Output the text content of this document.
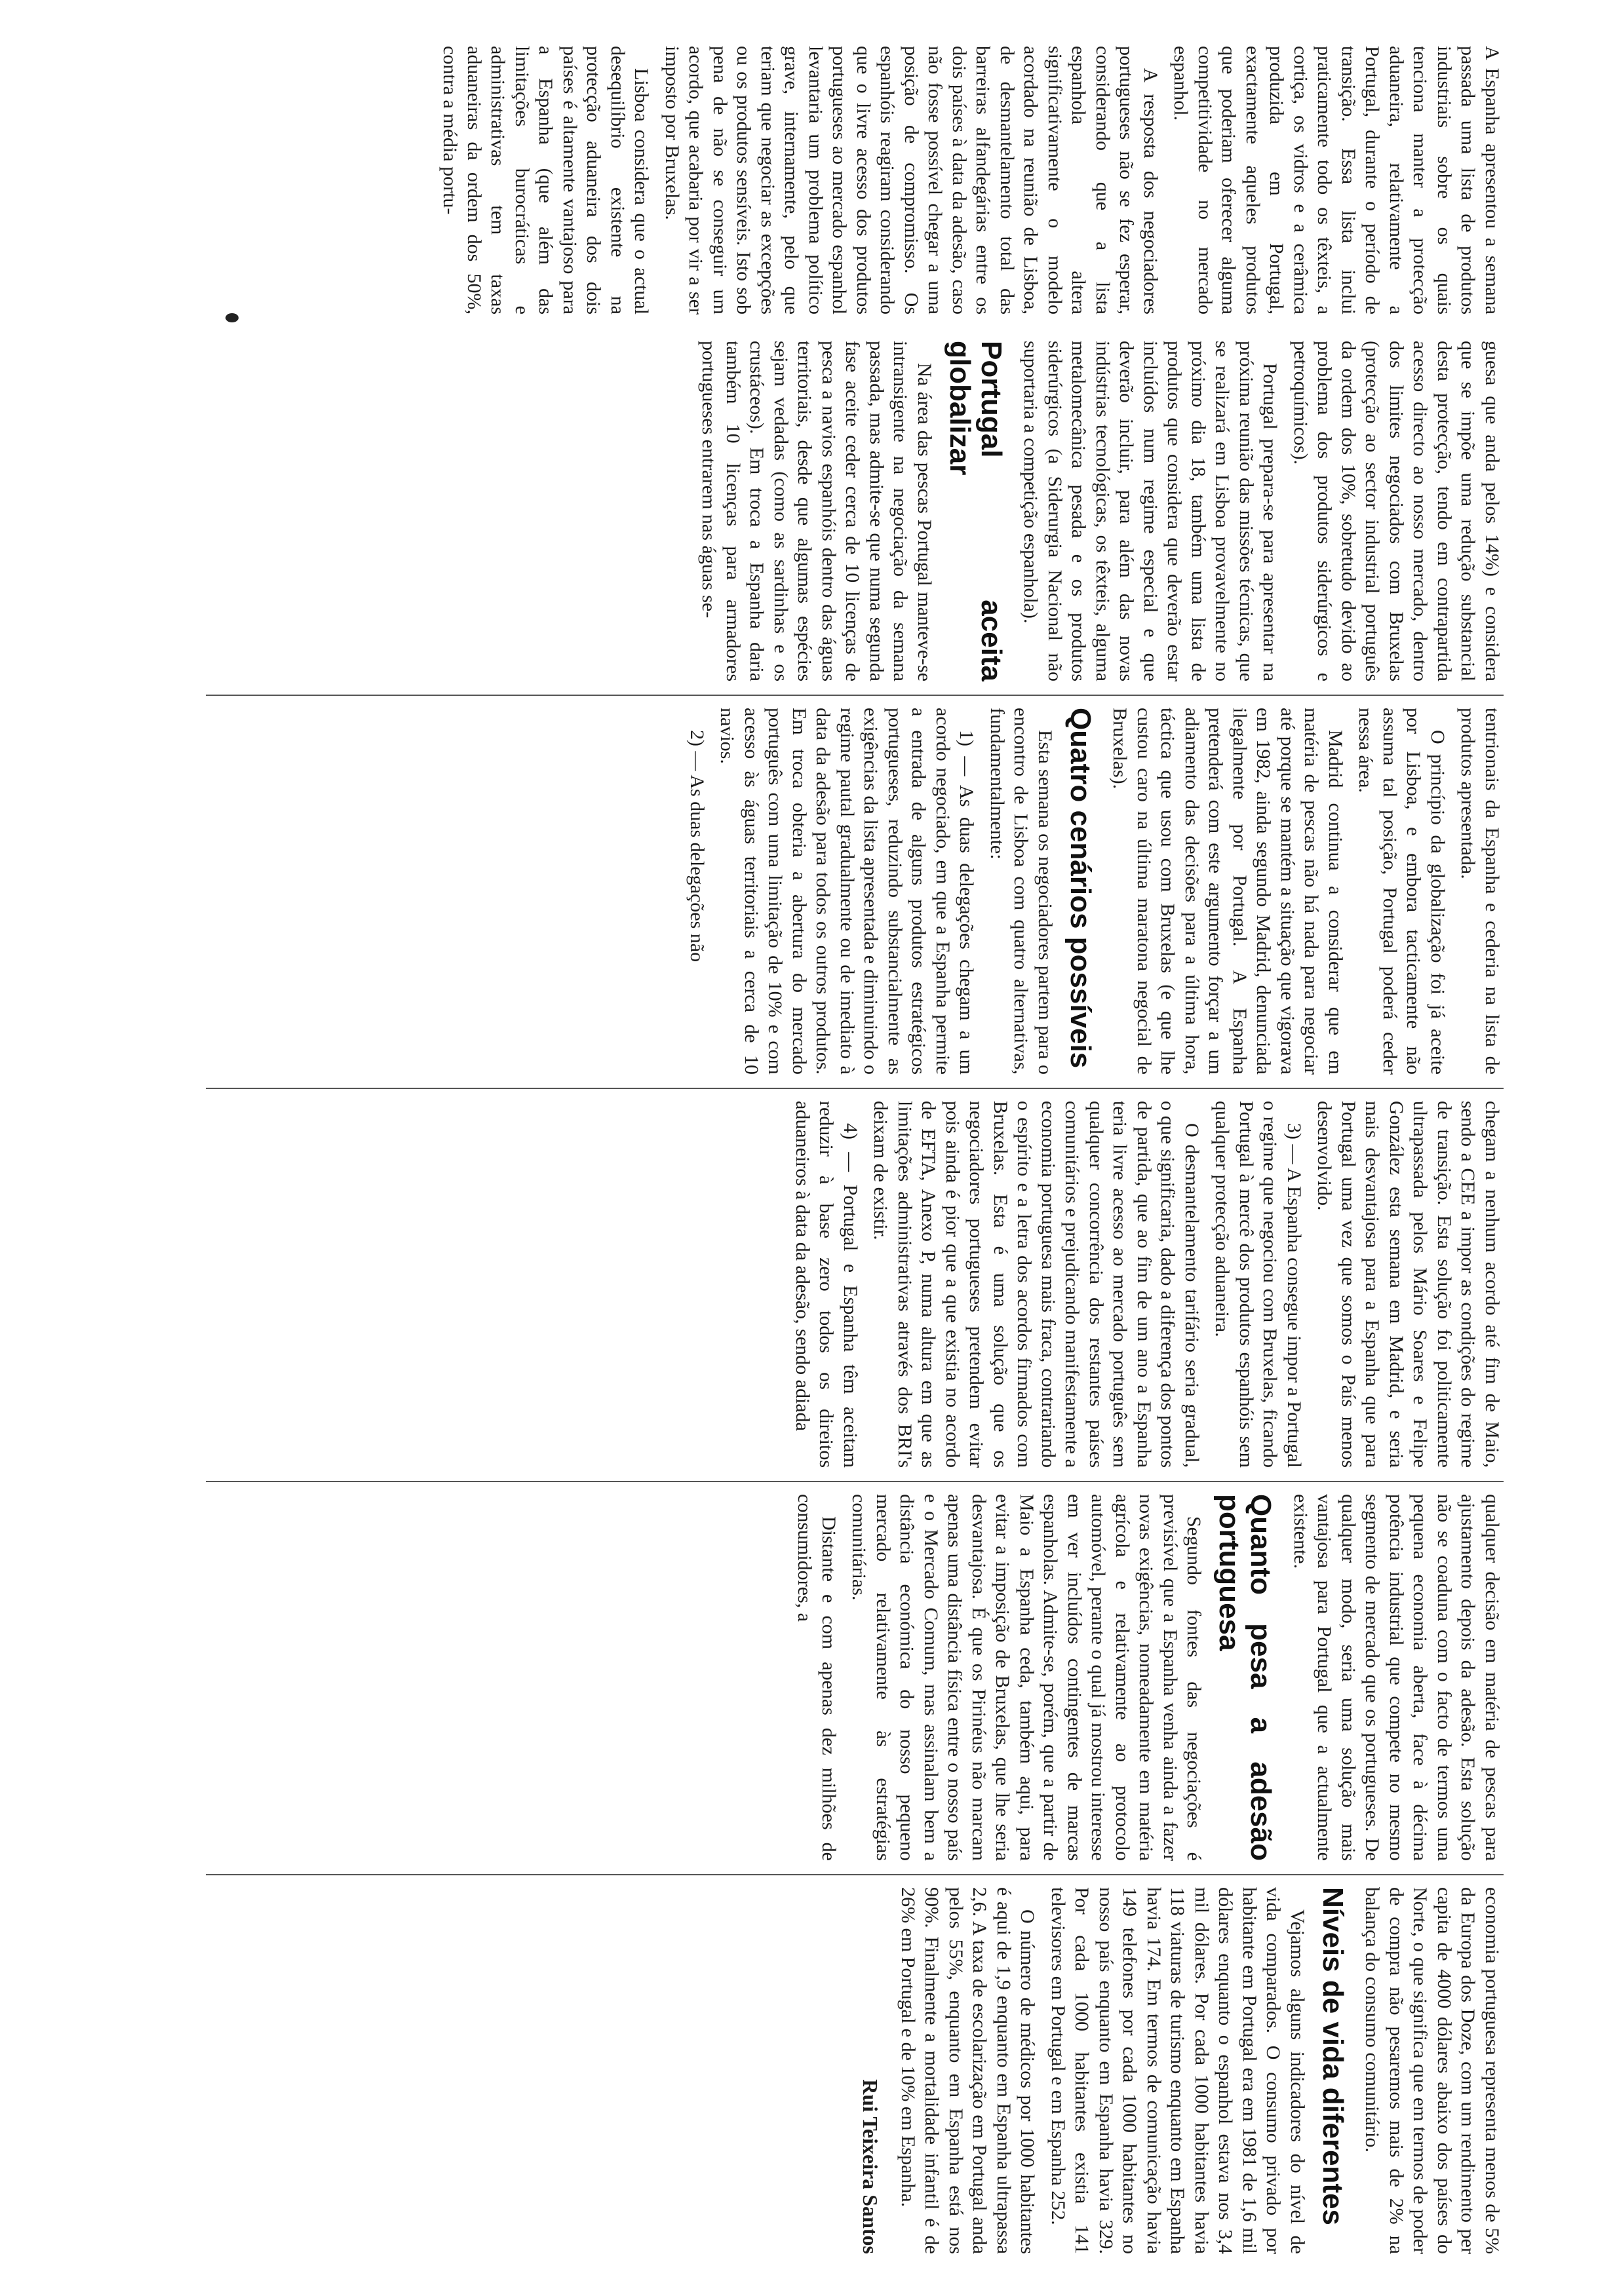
A Espanha apresentou a semana passada uma lista de produtos industriais sobre os quais tenciona manter a protecção aduaneira, relativamente a Portugal, durante o período de transição. Essa lista inclui praticamente todo os têxteis, a cortiça, os vidros e a cerâmica produzida em Portugal, exactamente aqueles produtos que poderiam oferecer alguma competitividade no mercado espanhol.

A resposta dos negociadores portugueses não se fez esperar, considerando que a lista espanhola altera significativamente o modelo acordado na reunião de Lisboa, de desmantelamento total das barreiras alfandegárias entre os dois países à data da adesão, caso não fosse possível chegar a uma posição de compromisso. Os espanhóis reagiram considerando que o livre acesso dos produtos portugueses ao mercado espanhol levantaria um problema político grave, internamente, pelo que teriam que negociar as excepções ou os produtos sensíveis. Isto sob pena de não se conseguir um acordo, que acabaria por vir a ser imposto por Bruxelas.

Lisboa considera que o actual desequilíbrio existente na protecção aduaneira dos dois países é altamente vantajoso para a Espanha (que além das limitações burocráticas e administrativas tem taxas aduaneiras da ordem dos 50%, contra a média portu-

guesa que anda pelos 14%) e considera que se impõe uma redução substancial desta protecção, tendo em contrapartida acesso directo ao nosso mercado, dentro dos limites negociados com Bruxelas (protecção ao sector industrial português da ordem dos 10%, sobretudo devido ao problema dos produtos siderúrgicos e petroquímicos).

Portugal prepara-se para apresentar na próxima reunião das missões técnicas, que se realizará em Lisboa provavelmente no próximo dia 18, também uma lista de produtos que considera que deverão estar incluídos num regime especial e que deverão incluir, para além das novas indústrias tecnológicas, os têxteis, alguma metalomecânica pesada e os produtos siderúrgicos (a Siderurgia Nacional não suportaria a competição espanhola).

Portugal aceita globalizar

Na área das pescas Portugal manteve-se intransigente na negociação da semana passada, mas admite-se que numa segunda fase aceite ceder cerca de 10 licenças de pesca a navios espanhóis dentro das águas territoriais, desde que algumas espécies sejam vedadas (como as sardinhas e os crustáceos). Em troca a Espanha daria também 10 licenças para armadores portugueses entrarem nas águas se-

tentrionais da Espanha e cederia na lista de produtos apresentada.

O princípio da globalização foi já aceite por Lisboa, e embora tacticamente não assuma tal posição, Portugal poderá ceder nessa área.

Madrid continua a considerar que em matéria de pescas não há nada para negociar até porque se mantém a situação que vigorava em 1982, ainda segundo Madrid, denunciada ilegalmente por Portugal. A Espanha pretenderá com este argumento forçar a um adiamento das decisões para a última hora, táctica que usou com Bruxelas (e que lhe custou caro na última maratona negocial de Bruxelas).

Quatro cenários possíveis

Esta semana os negociadores partem para o encontro de Lisboa com quatro alternativas, fundamentalmente:

1) — As duas delegações chegam a um acordo negociado, em que a Espanha permite a entrada de alguns produtos estratégicos portugueses, reduzindo substancialmente as exigências da lista apresentada e diminuindo o regime pautal gradualmente ou de imediato à data da adesão para todos os outros produtos. Em troca obteria a abertura do mercado português com uma limitação de 10% e com acesso às águas territoriais a cerca de 10 navios.

2) — As duas delegações não

chegam a nenhum acordo até fim de Maio, sendo a CEE a impor as condições do regime de transição. Esta solução foi politicamente ultrapassada pelos Mário Soares e Felipe González esta semana em Madrid, e seria mais desvantajosa para a Espanha que para Portugal uma vez que somos o País menos desenvolvido.

3) — A Espanha consegue impor a Portugal o regime que negociou com Bruxelas, ficando Portugal à mercê dos produtos espanhóis sem qualquer protecção aduaneira.

O desmantelamento tarifário seria gradual, o que significaria, dado a diferença dos pontos de partida, que ao fim de um ano a Espanha teria livre acesso ao mercado português sem qualquer concorrência dos restantes países comunitários e prejudicando manifestamente a economia portuguesa mais fraca, contrariando o espírito e a letra dos acordos firmados com Bruxelas. Esta é uma solução que os negociadores portugueses pretendem evitar pois ainda é pior que a que existia no acordo de EFTA, Anexo P, numa altura em que as limitações administrativas através dos BRI's deixam de existir.

4) — Portugal e Espanha têm aceitam reduzir à base zero todos os direitos aduaneiros à data da adesão, sendo adiada

qualquer decisão em matéria de pescas para ajustamento depois da adesão. Esta solução não se coaduna com o facto de termos uma pequena economia aberta, face à décima potência industrial que compete no mesmo segmento de mercado que os portugueses. De qualquer modo, seria uma solução mais vantajosa para Portugal que a actualmente existente.

Quanto pesa a adesão portuguesa

Segundo fontes das negociações é previsível que a Espanha venha ainda a fazer novas exigências, nomeadamente em matéria agrícola e relativamente ao protocolo automóvel, perante o qual já mostrou interesse em ver incluídos contingentes de marcas espanholas. Admite-se, porém, que a partir de Maio a Espanha ceda, também aqui, para evitar a imposição de Bruxelas, que lhe seria desvantajosa. É que os Pirinéus não marcam apenas uma distância física entre o nosso país e o Mercado Comum, mas assinalam bem a distância económica do nosso pequeno mercado relativamente às estratégias comunitárias.

Distante e com apenas dez milhões de consumidores, a

economia portuguesa representa menos de 5% da Europa dos Doze, com um rendimento per capita de 4000 dólares abaixo dos países do Norte, o que significa que em termos de poder de compra não pesaremos mais de 2% na balança do consumo comunitário.

Níveis de vida diferentes

Vejamos alguns indicadores do nível de vida comparados. O consumo privado por habitante em Portugal era em 1981 de 1,6 mil dólares enquanto o espanhol estava nos 3,4 mil dólares. Por cada 1000 habitantes havia 118 viaturas de turismo enquanto em Espanha havia 174. Em termos de comunicação havia 149 telefones por cada 1000 habitantes no nosso país enquanto em Espanha havia 329. Por cada 1000 habitantes existia 141 televisores em Portugal e em Espanha 252.

O número de médicos por 1000 habitantes é aqui de 1,9 enquanto em Espanha ultrapassa 2,6. A taxa de escolarização em Portugal anda pelos 55%, enquanto em Espanha está nos 90%. Finalmente a mortalidade infantil é de 26% em Portugal e de 10% em Espanha.

Rui Teixeira Santos
